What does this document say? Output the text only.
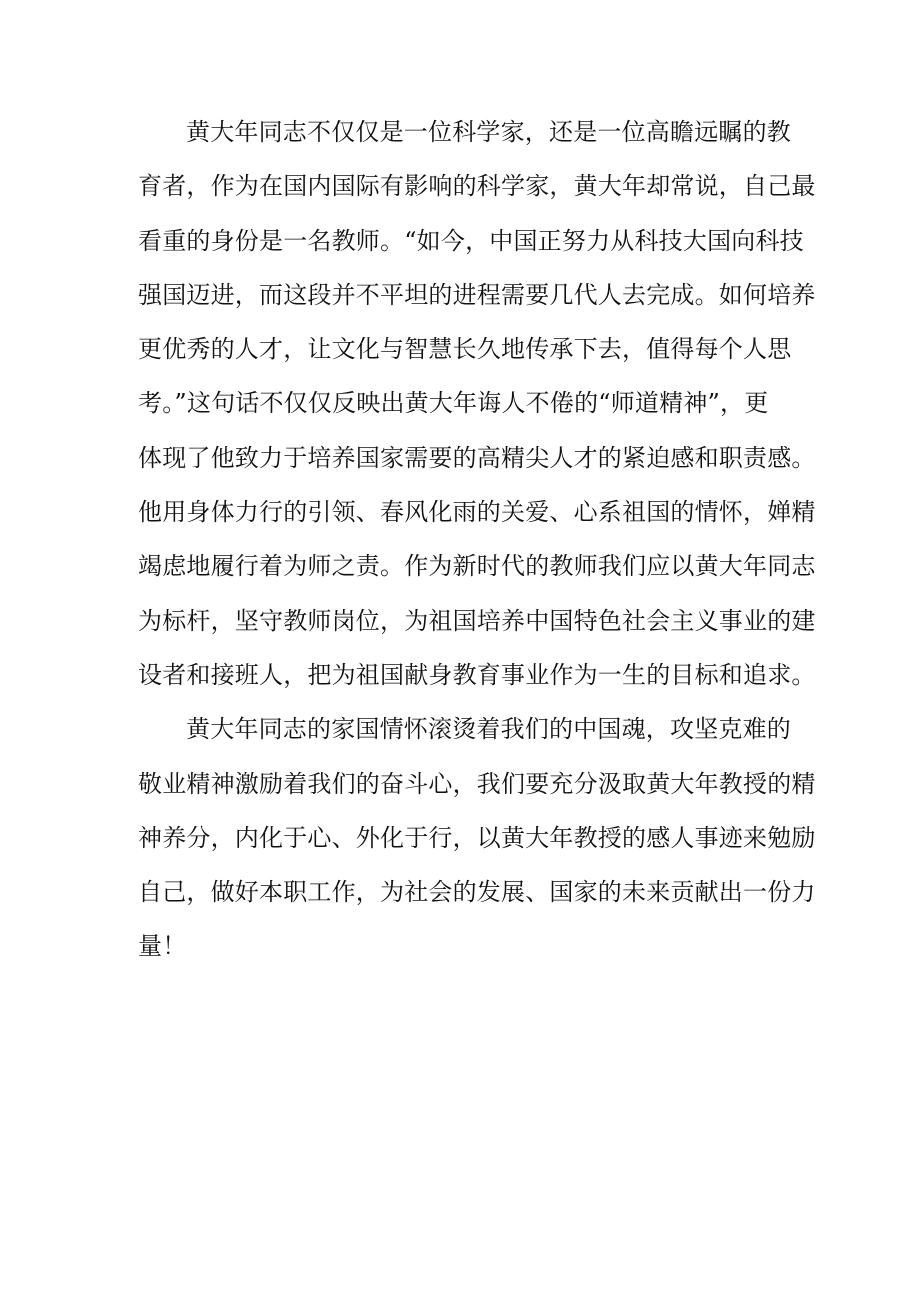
黄大年同志不仅仅是一位科学家，还是一位高瞻远瞩的教
育者，作为在国内国际有影响的科学家，黄大年却常说，自己最
看重的身份是一名教师。“如今，中国正努力从科技大国向科技
强国迈进，而这段并不平坦的进程需要几代人去完成。如何培养
更优秀的人才，让文化与智慧长久地传承下去，值得每个人思
考。”这句话不仅仅反映出黄大年诲人不倦的“师道精神”，更
体现了他致力于培养国家需要的高精尖人才的紧迫感和职责感。
他用身体力行的引领、春风化雨的关爱、心系祖国的情怀，婵精
竭虑地履行着为师之责。作为新时代的教师我们应以黄大年同志
为标杆，坚守教师岗位，为祖国培养中国特色社会主义事业的建
设者和接班人，把为祖国献身教育事业作为一生的目标和追求。
黄大年同志的家国情怀滚烫着我们的中国魂，攻坚克难的
敬业精神激励着我们的奋斗心，我们要充分汲取黄大年教授的精
神养分，内化于心、外化于行，以黄大年教授的感人事迹来勉励
自己，做好本职工作，为社会的发展、国家的未来贡献出一份力
量！
